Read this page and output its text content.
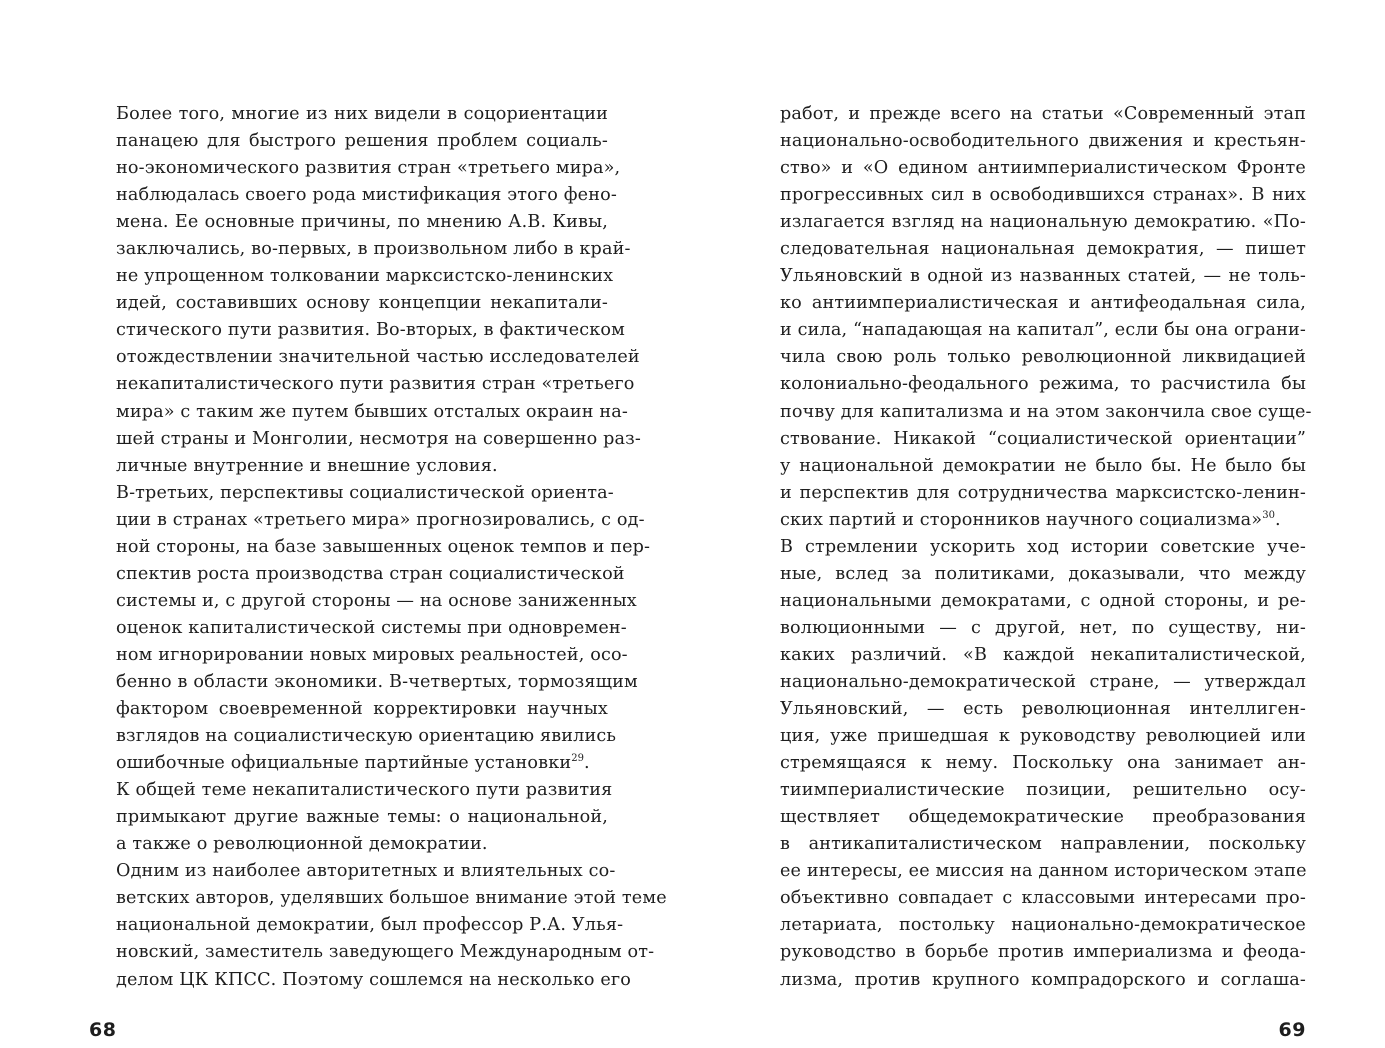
Более того, многие из них видели в соцориентации
панацею для быстрого решения проблем социаль-
но-экономического развития стран «третьего мира»,
наблюдалась своего рода мистификация этого фено-
мена. Ее основные причины, по мнению А.В. Кивы,
заключались, во-первых, в произвольном либо в край-
не упрощенном толковании марксистско-ленинских
идей, составивших основу концепции некапитали-
стического пути развития. Во-вторых, в фактическом
отождествлении значительной частью исследователей
некапиталистического пути развития стран «третьего
мира» с таким же путем бывших отсталых окраин на-
шей страны и Монголии, несмотря на совершенно раз-
личные внутренние и внешние условия.
В-третьих, перспективы социалистической ориента-
ции в странах «третьего мира» прогнозировались, с од-
ной стороны, на базе завышенных оценок темпов и пер-
спектив роста производства стран социалистической
системы и, с другой стороны — на основе заниженных
оценок капиталистической системы при одновремен-
ном игнорировании новых мировых реальностей, осо-
бенно в области экономики. В-четвертых, тормозящим
фактором своевременной корректировки научных
взглядов на социалистическую ориентацию явились
ошибочные официальные партийные установки$^{29}$.
К общей теме некапиталистического пути развития
примыкают другие важные темы: о национальной,
а также о революционной демократии.
Одним из наиболее авторитетных и влиятельных со-
ветских авторов, уделявших большое внимание этой теме
национальной демократии, был профессор Р.А. Улья-
новский, заместитель заведующего Международным от-
делом ЦК КПСС. Поэтому сошлемся на несколько его
68
работ, и прежде всего на статьи «Современный этап
национально-освободительного движения и крестьян-
ство» и «О едином антиимпериалистическом Фронте
прогрессивных сил в освободившихся странах». В них
излагается взгляд на национальную демократию. «По-
следовательная национальная демократия, — пишет
Ульяновский в одной из названных статей, — не толь-
ко антиимпериалистическая и антифеодальная сила,
и сила, “нападающая на капитал”, если бы она ограни-
чила свою роль только революционной ликвидацией
колониально-феодального режима, то расчистила бы
почву для капитализма и на этом закончила свое суще-
ствование. Никакой “социалистической ориентации”
у национальной демократии не было бы. Не было бы
и перспектив для сотрудничества марксистско-ленин-
ских партий и сторонников научного социализма»$^{30}$.
В стремлении ускорить ход истории советские уче-
ные, вслед за политиками, доказывали, что между
национальными демократами, с одной стороны, и ре-
волюционными — с другой, нет, по существу, ни-
каких различий. «В каждой некапиталистической,
национально-демократической стране, — утверждал
Ульяновский, — есть революционная интеллиген-
ция, уже пришедшая к руководству революцией или
стремящаяся к нему. Поскольку она занимает ан-
тиимпериалистические позиции, решительно осу-
ществляет общедемократические преобразования
в антикапиталистическом направлении, поскольку
ее интересы, ее миссия на данном историческом этапе
объективно совпадает с классовыми интересами про-
летариата, постольку национально-демократическое
руководство в борьбе против империализма и феода-
лизма, против крупного компрадорского и соглаша-
69
